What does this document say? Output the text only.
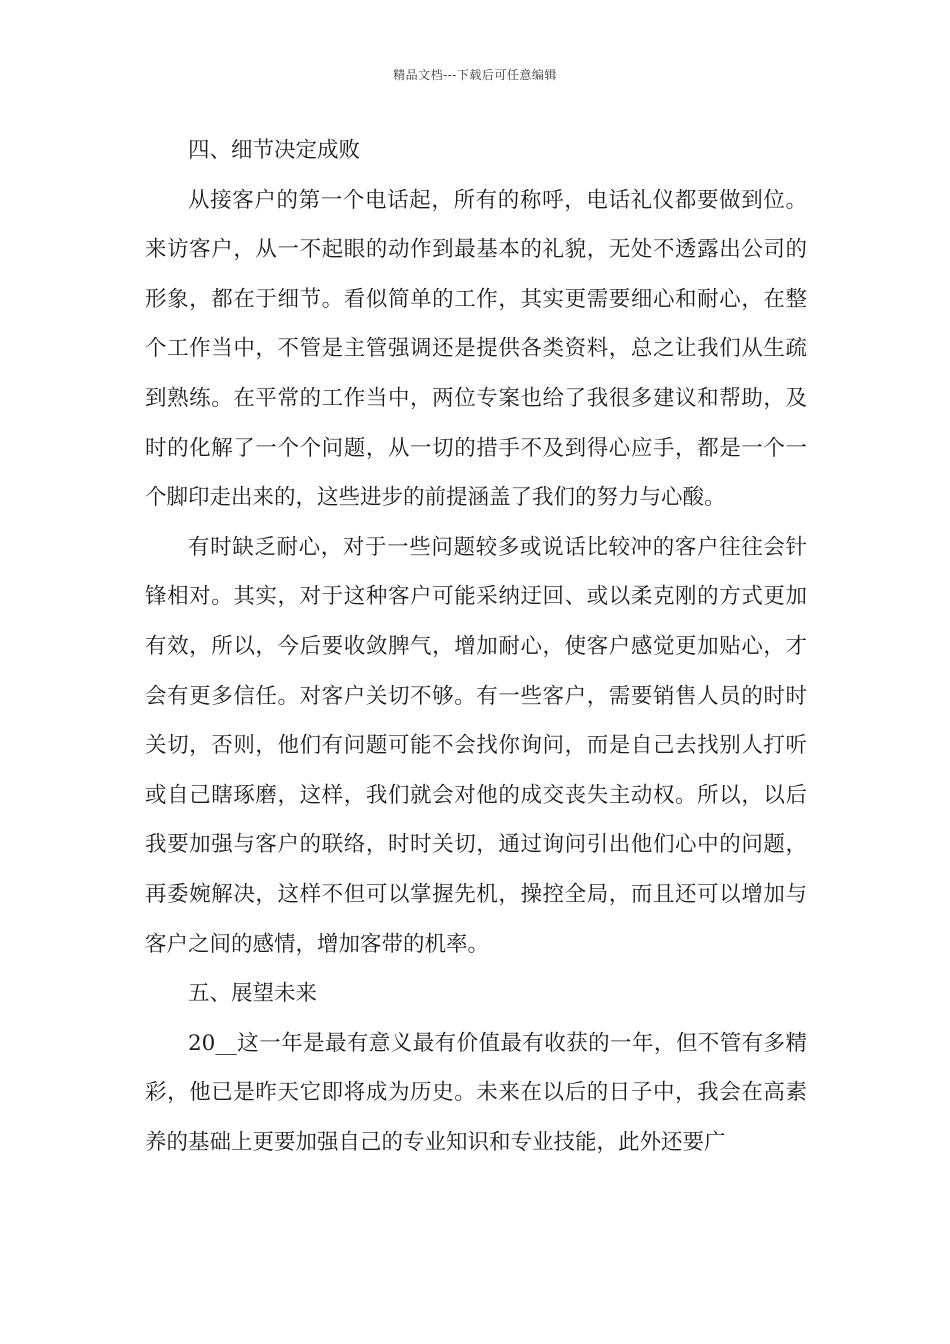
精品文档---下载后可任意编辑

四、细节决定成败

从接客户的第一个电话起，所有的称呼，电话礼仪都要做到位。来访客户，从一不起眼的动作到最基本的礼貌，无处不透露出公司的形象，都在于细节。看似简单的工作，其实更需要细心和耐心，在整个工作当中，不管是主管强调还是提供各类资料，总之让我们从生疏到熟练。在平常的工作当中，两位专案也给了我很多建议和帮助，及时的化解了一个个问题，从一切的措手不及到得心应手，都是一个一个脚印走出来的，这些进步的前提涵盖了我们的努力与心酸。

有时缺乏耐心，对于一些问题较多或说话比较冲的客户往往会针锋相对。其实，对于这种客户可能采纳迂回、或以柔克刚的方式更加有效，所以，今后要收敛脾气，增加耐心，使客户感觉更加贴心，才会有更多信任。对客户关切不够。有一些客户，需要销售人员的时时关切，否则，他们有问题可能不会找你询问，而是自己去找别人打听或自己瞎琢磨，这样，我们就会对他的成交丧失主动权。所以，以后我要加强与客户的联络，时时关切，通过询问引出他们心中的问题，再委婉解决，这样不但可以掌握先机，操控全局，而且还可以增加与客户之间的感情，增加客带的机率。

五、展望未来

20__这一年是最有意义最有价值最有收获的一年，但不管有多精彩，他已是昨天它即将成为历史。未来在以后的日子中，我会在高素养的基础上更要加强自己的专业知识和专业技能，此外还要广
